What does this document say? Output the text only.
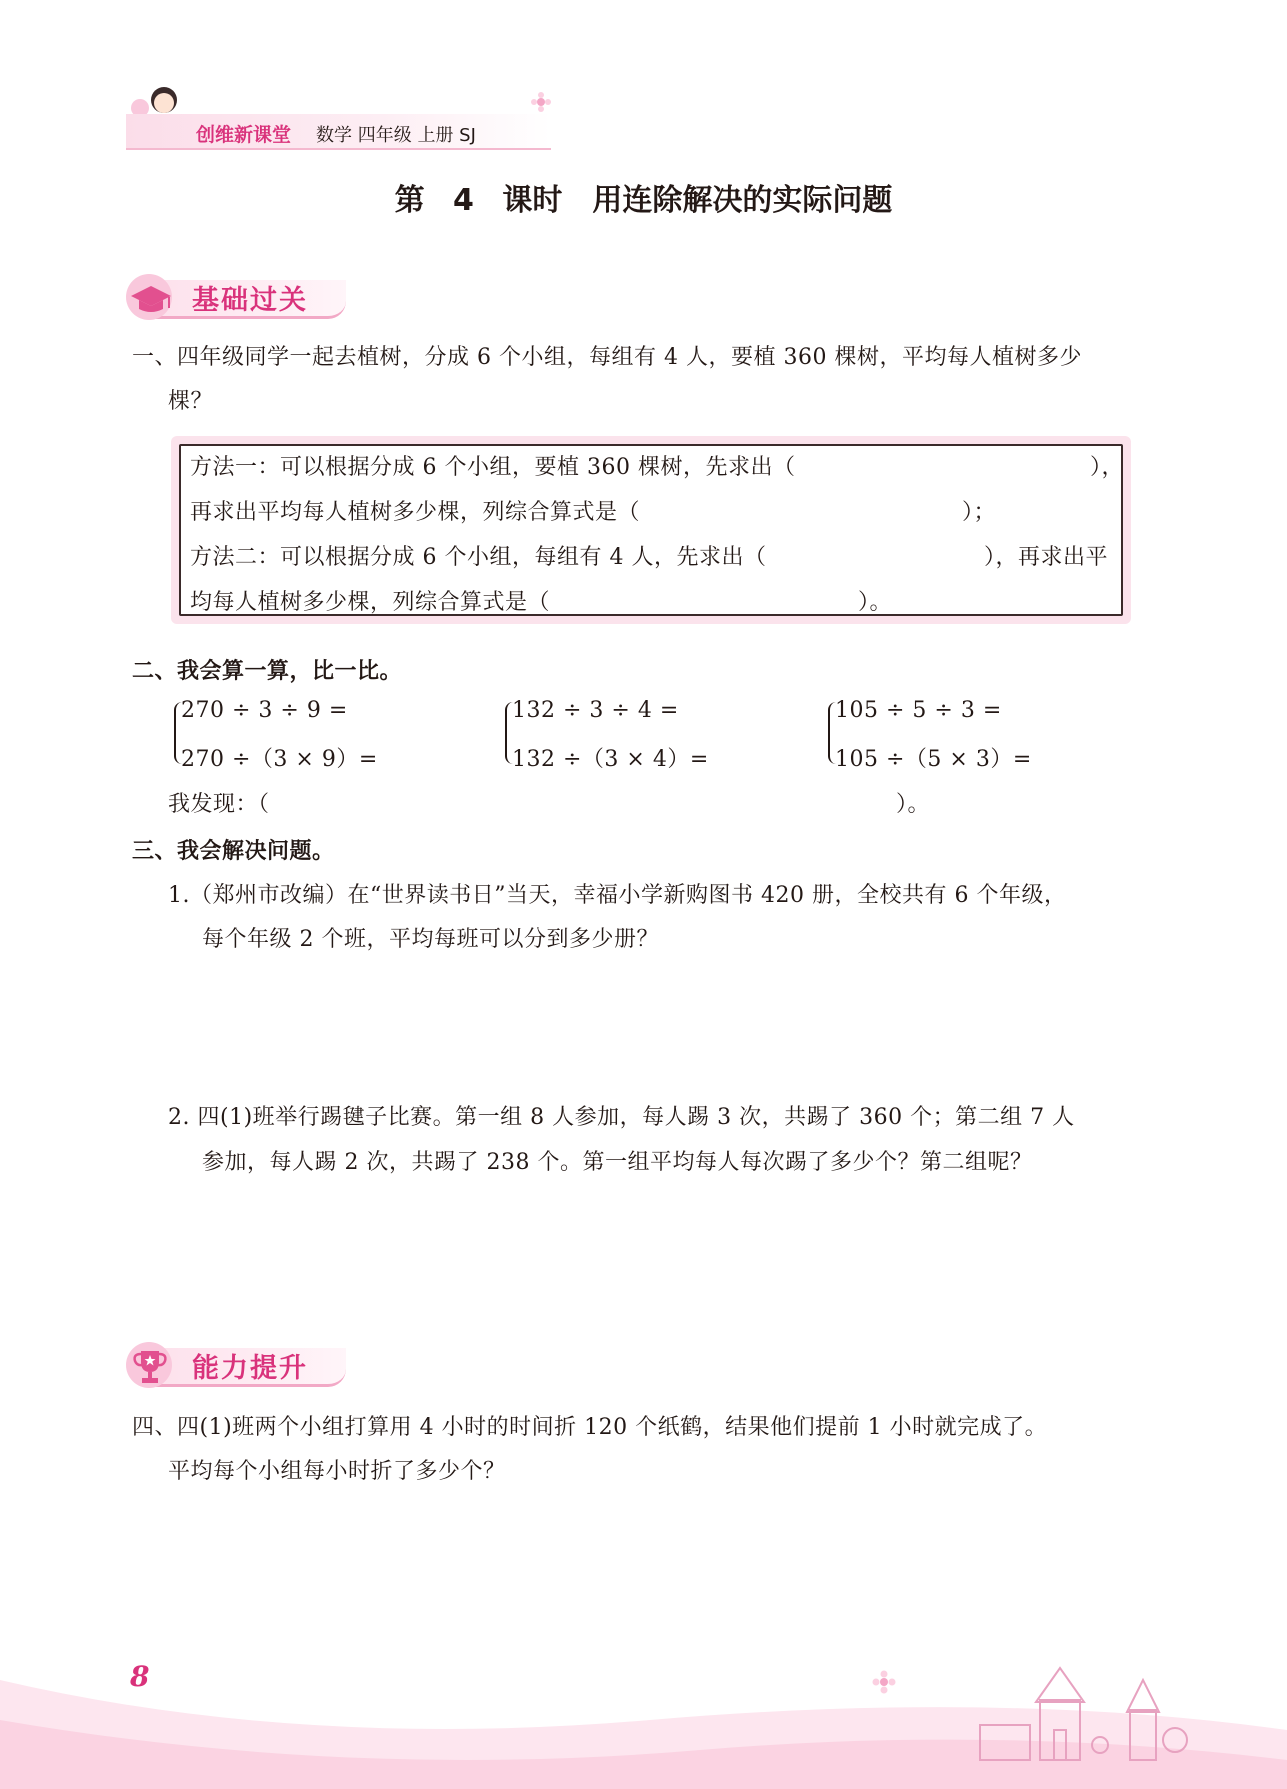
创维新课堂 数学 四年级 上册 SJ
第 4 课时　用连除解决的实际问题
基础过关
一、四年级同学一起去植树，分成 6 个小组，每组有 4 人，要植 360 棵树，平均每人植树多少
棵？
方法一：可以根据分成 6 个小组，要植 360 棵树，先求出（	），
再求出平均每人植树多少棵，列综合算式是（	）；
方法二：可以根据分成 6 个小组，每组有 4 人，先求出（	），再求出平
均每人植树多少棵，列综合算式是（	）。
二、我会算一算，比一比。
270 ÷ 3 ÷ 9 =
270 ÷（3 × 9）=
132 ÷ 3 ÷ 4 =
132 ÷（3 × 4）=
105 ÷ 5 ÷ 3 =
105 ÷（5 × 3）=
我发现：（	）。
三、我会解决问题。
1.（郑州市改编）在“世界读书日”当天，幸福小学新购图书 420 册，全校共有 6 个年级，
每个年级 2 个班，平均每班可以分到多少册？
2. 四(1)班举行踢毽子比赛。第一组 8 人参加，每人踢 3 次，共踢了 360 个；第二组 7 人
参加，每人踢 2 次，共踢了 238 个。第一组平均每人每次踢了多少个？第二组呢？
能力提升
四、四(1)班两个小组打算用 4 小时的时间折 120 个纸鹤，结果他们提前 1 小时就完成了。
平均每个小组每小时折了多少个？
8
